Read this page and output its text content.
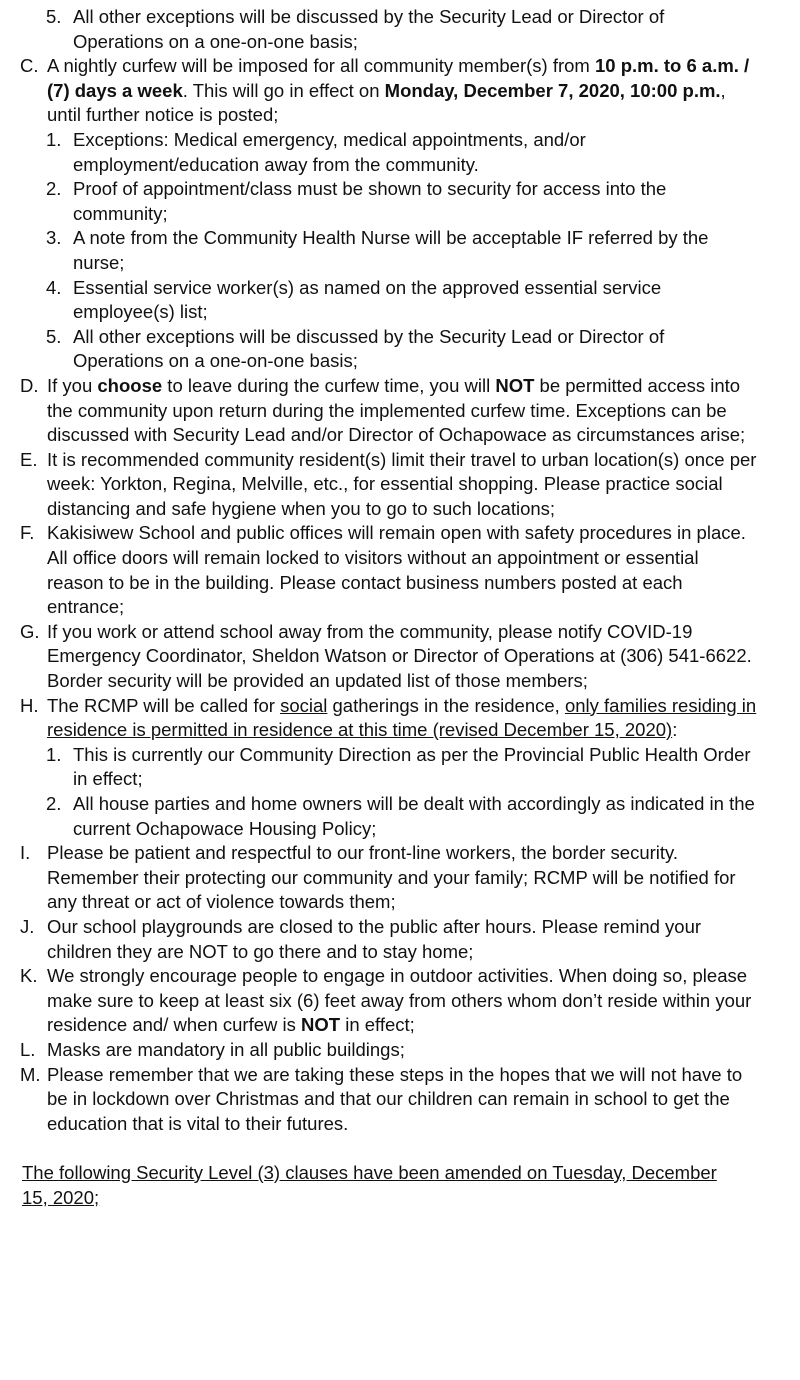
5. All other exceptions will be discussed by the Security Lead or Director of Operations on a one-on-one basis;
C. A nightly curfew will be imposed for all community member(s) from 10 p.m. to 6 a.m. / (7) days a week. This will go in effect on Monday, December 7, 2020, 10:00 p.m., until further notice is posted;
1. Exceptions: Medical emergency, medical appointments, and/or employment/education away from the community.
2. Proof of appointment/class must be shown to security for access into the community;
3. A note from the Community Health Nurse will be acceptable IF referred by the nurse;
4. Essential service worker(s) as named on the approved essential service employee(s) list;
5. All other exceptions will be discussed by the Security Lead or Director of Operations on a one-on-one basis;
D. If you choose to leave during the curfew time, you will NOT be permitted access into the community upon return during the implemented curfew time. Exceptions can be discussed with Security Lead and/or Director of Ochapowace as circumstances arise;
E. It is recommended community resident(s) limit their travel to urban location(s) once per week: Yorkton, Regina, Melville, etc., for essential shopping. Please practice social distancing and safe hygiene when you to go to such locations;
F. Kakisiwew School and public offices will remain open with safety procedures in place. All office doors will remain locked to visitors without an appointment or essential reason to be in the building. Please contact business numbers posted at each entrance;
G. If you work or attend school away from the community, please notify COVID-19 Emergency Coordinator, Sheldon Watson or Director of Operations at (306) 541-6622. Border security will be provided an updated list of those members;
H. The RCMP will be called for social gatherings in the residence, only families residing in residence is permitted in residence at this time (revised December 15, 2020):
1. This is currently our Community Direction as per the Provincial Public Health Order in effect;
2. All house parties and home owners will be dealt with accordingly as indicated in the current Ochapowace Housing Policy;
I. Please be patient and respectful to our front-line workers, the border security. Remember their protecting our community and your family; RCMP will be notified for any threat or act of violence towards them;
J. Our school playgrounds are closed to the public after hours. Please remind your children they are NOT to go there and to stay home;
K. We strongly encourage people to engage in outdoor activities. When doing so, please make sure to keep at least six (6) feet away from others whom don’t reside within your residence and/ when curfew is NOT in effect;
L. Masks are mandatory in all public buildings;
M. Please remember that we are taking these steps in the hopes that we will not have to be in lockdown over Christmas and that our children can remain in school to get the education that is vital to their futures.
The following Security Level (3) clauses have been amended on Tuesday, December 15, 2020;
